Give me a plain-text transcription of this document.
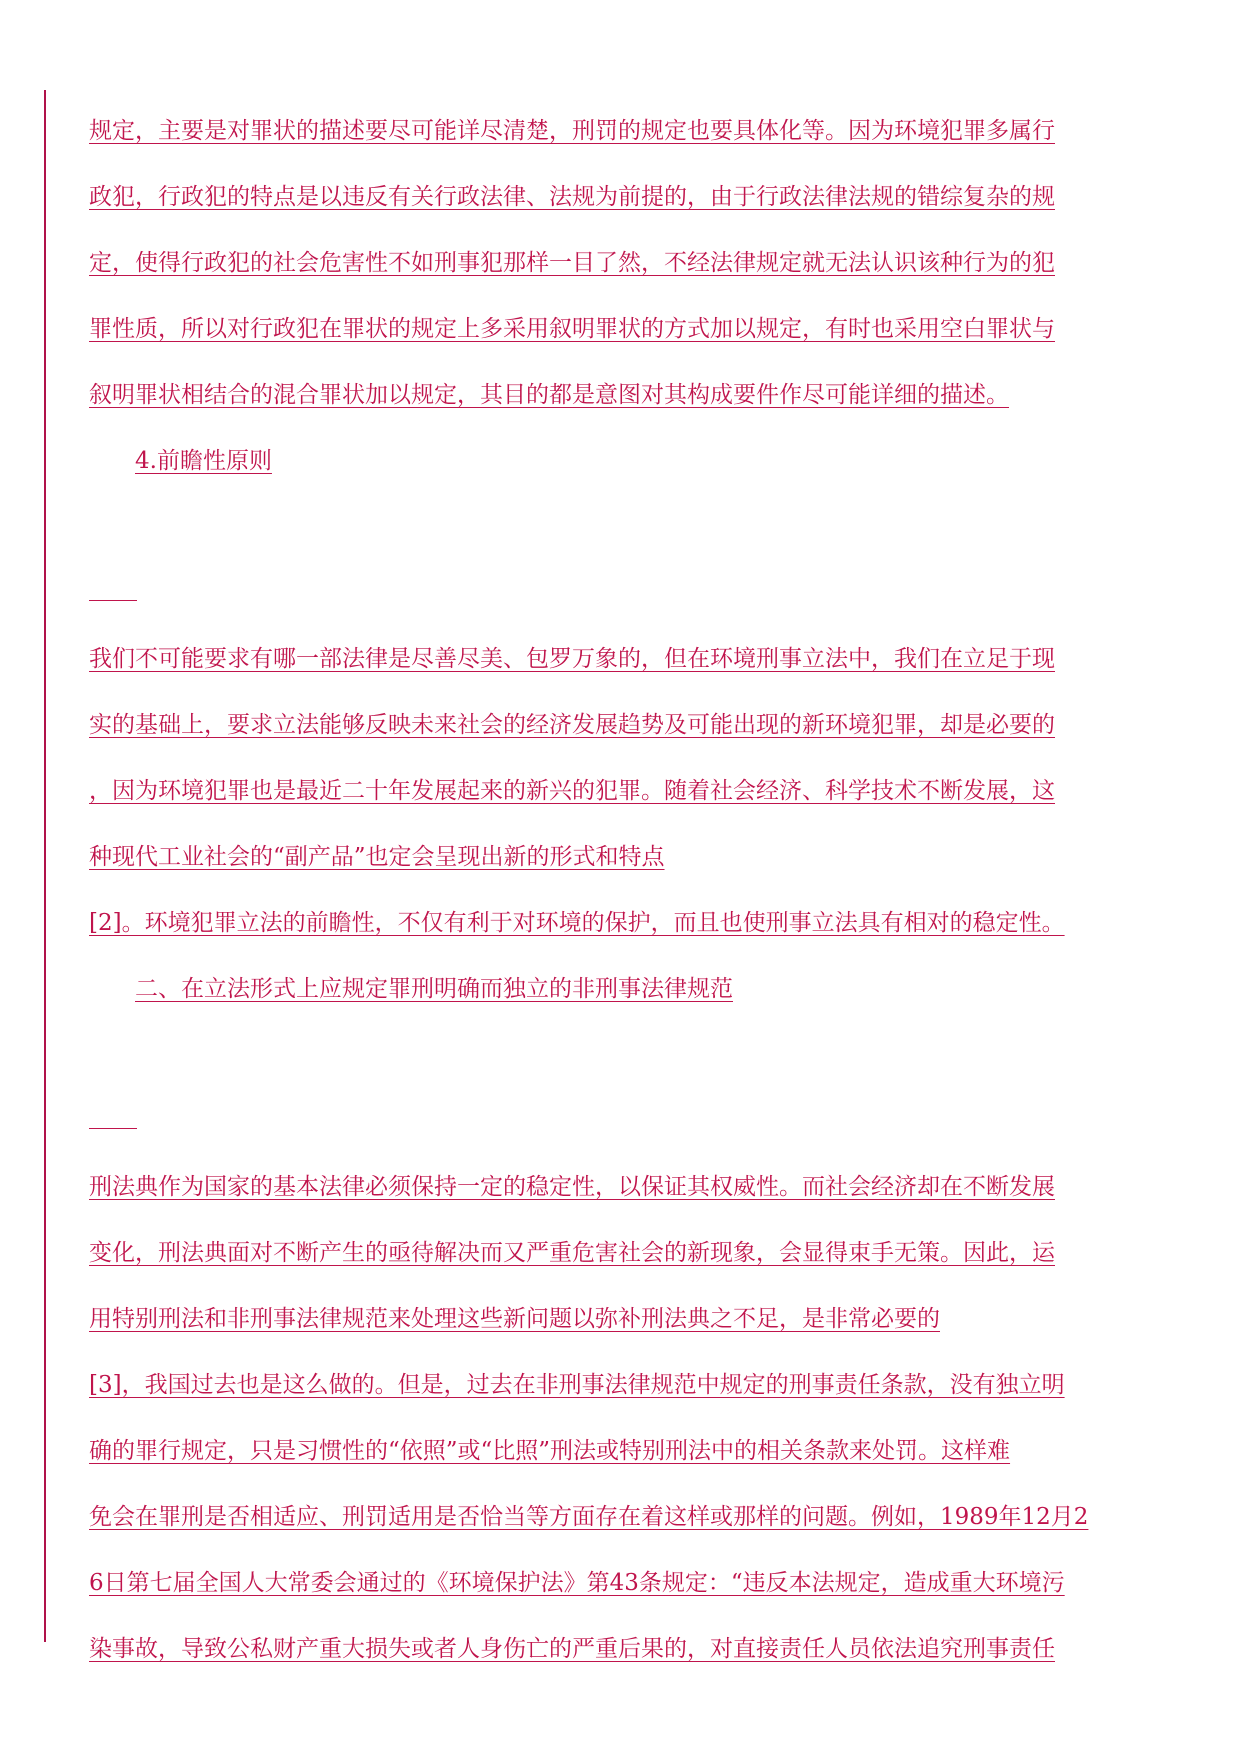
规定，主要是对罪状的描述要尽可能详尽清楚，刑罚的规定也要具体化等。因为环境犯罪多属行
政犯，行政犯的特点是以违反有关行政法律、法规为前提的，由于行政法律法规的错综复杂的规
定，使得行政犯的社会危害性不如刑事犯那样一目了然，不经法律规定就无法认识该种行为的犯
罪性质，所以对行政犯在罪状的规定上多采用叙明罪状的方式加以规定，有时也采用空白罪状与
叙明罪状相结合的混合罪状加以规定，其目的都是意图对其构成要件作尽可能详细的描述。
4.前瞻性原则
我们不可能要求有哪一部法律是尽善尽美、包罗万象的，但在环境刑事立法中，我们在立足于现
实的基础上，要求立法能够反映未来社会的经济发展趋势及可能出现的新环境犯罪，却是必要的
，因为环境犯罪也是最近二十年发展起来的新兴的犯罪。随着社会经济、科学技术不断发展，这
种现代工业社会的“副产品”也定会呈现出新的形式和特点
[2]。环境犯罪立法的前瞻性，不仅有利于对环境的保护，而且也使刑事立法具有相对的稳定性。
二、在立法形式上应规定罪刑明确而独立的非刑事法律规范
刑法典作为国家的基本法律必须保持一定的稳定性，以保证其权威性。而社会经济却在不断发展
变化，刑法典面对不断产生的亟待解决而又严重危害社会的新现象，会显得束手无策。因此，运
用特别刑法和非刑事法律规范来处理这些新问题以弥补刑法典之不足，是非常必要的
[3]，我国过去也是这么做的。但是，过去在非刑事法律规范中规定的刑事责任条款，没有独立明
确的罪行规定，只是习惯性的“依照”或“比照”刑法或特别刑法中的相关条款来处罚。这样难
免会在罪刑是否相适应、刑罚适用是否恰当等方面存在着这样或那样的问题。例如，1989年12月2
6日第七届全国人大常委会通过的《环境保护法》第43条规定：“违反本法规定，造成重大环境污
染事故，导致公私财产重大损失或者人身伤亡的严重后果的，对直接责任人员依法追究刑事责任
